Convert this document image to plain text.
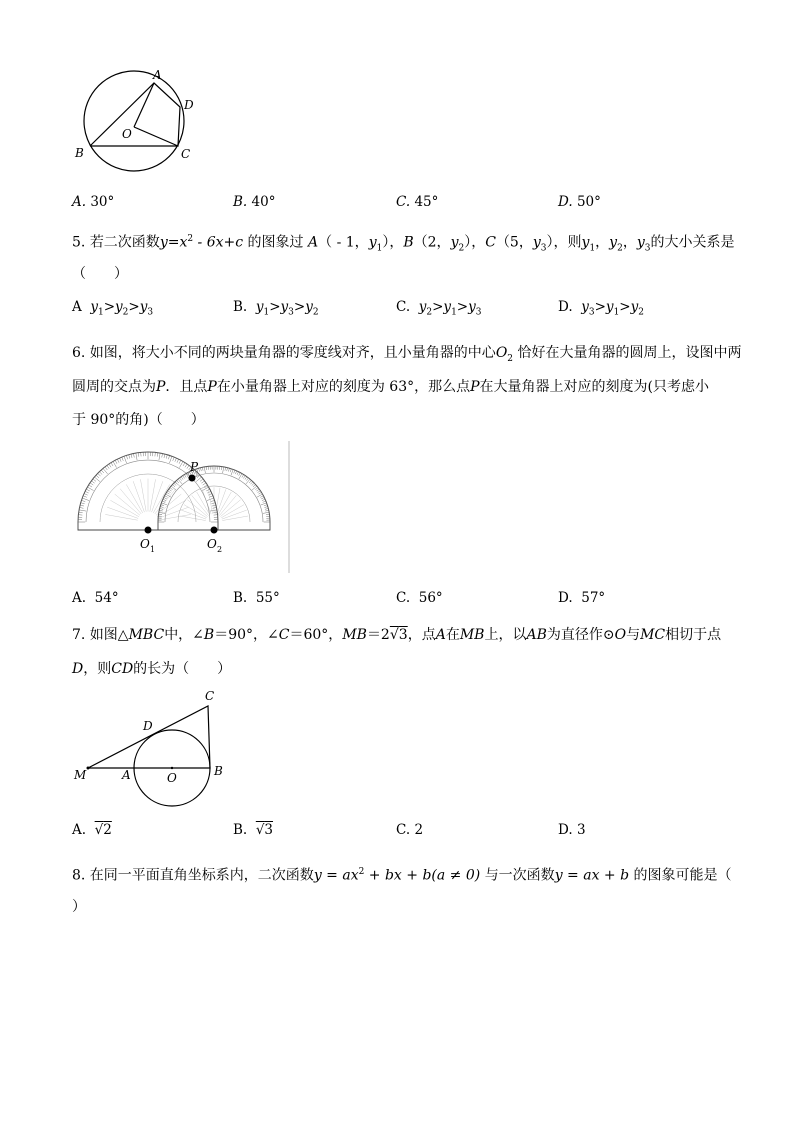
A
D
O
B	C
A. 30°	B. 40°	C. 45°	D. 50°
5. 若二次函数$y=x^2 - 6x+c$ 的图象过 A（ - 1，$y_1$），B（2，$y_2$），C（5，$y_3$），则$y_1$，$y_2$，$y_3$的大小关系是
（　　）
A $y_1>y_2>y_3$	B. $y_1>y_3>y_2$	C. $y_2>y_1>y_3$	D. $y_3>y_1>y_2$
6. 如图，将大小不同的两块量角器的零度线对齐，且小量角器的中心$O_2$ 恰好在大量角器的圆周上，设图中两
圆周的交点为P．且点P在小量角器上对应的刻度为 63°，那么点P在大量角器上对应的刻度为(只考虑小
于 90°的角)（　　）
P
O 1	O 2
A. 54°	B. 55°	C. 56°	D. 57°
7. 如图△MBC中，∠B＝90°，∠C＝60°，MB＝2√3，点A在MB上，以AB为直径作⊙O与MC相切于点
D，则CD的长为（　　）
C
D
M	A	O	B
A. √2	B. √3	C. 2	D. 3
8. 在同一平面直角坐标系内，二次函数$y = ax^2$ + bx + b(a ≠ 0) 与一次函数y = ax + b 的图象可能是（
）
